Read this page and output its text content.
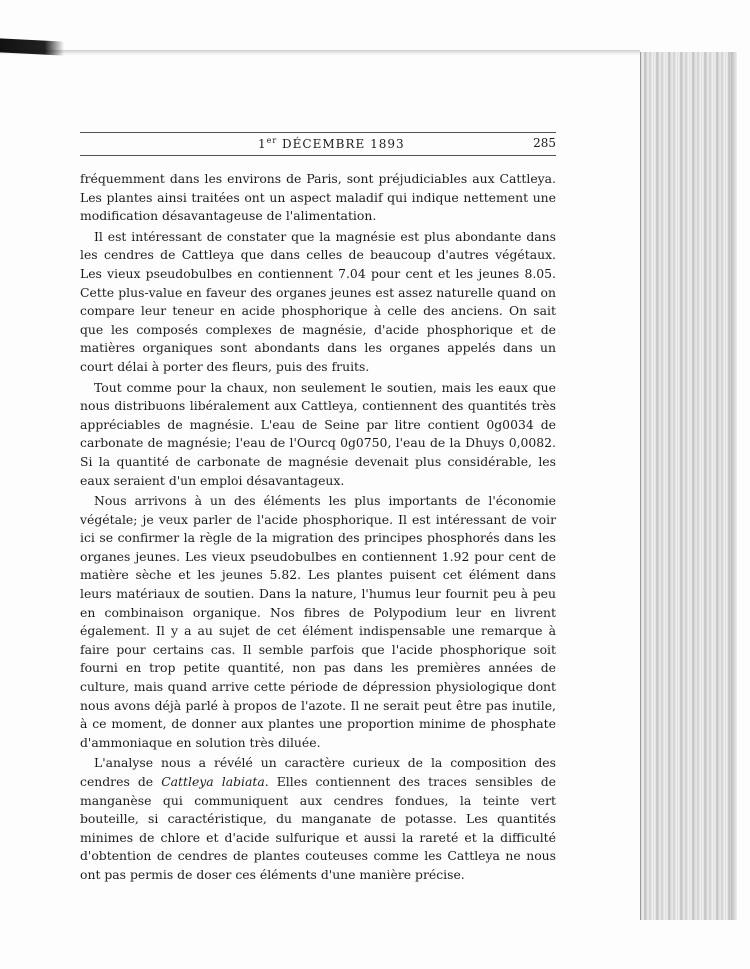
1er DÉCEMBRE 1893	285

fréquemment dans les environs de Paris, sont préjudiciables aux Cattleya. Les plantes ainsi traitées ont un aspect maladif qui indique nettement une modification désavantageuse de l'alimentation.

Il est intéressant de constater que la magnésie est plus abondante dans les cendres de Cattleya que dans celles de beaucoup d'autres végétaux. Les vieux pseudobulbes en contiennent 7.04 pour cent et les jeunes 8.05. Cette plus-value en faveur des organes jeunes est assez naturelle quand on compare leur teneur en acide phosphorique à celle des anciens. On sait que les composés complexes de magnésie, d'acide phosphorique et de matières organiques sont abondants dans les organes appelés dans un court délai à porter des fleurs, puis des fruits.

Tout comme pour la chaux, non seulement le soutien, mais les eaux que nous distribuons libéralement aux Cattleya, contiennent des quantités très appréciables de magnésie. L'eau de Seine par litre contient 0g0034 de carbonate de magnésie; l'eau de l'Ourcq 0g0750, l'eau de la Dhuys 0,0082. Si la quantité de carbonate de magnésie devenait plus considérable, les eaux seraient d'un emploi désavantageux.

Nous arrivons à un des éléments les plus importants de l'économie végétale; je veux parler de l'acide phosphorique. Il est intéressant de voir ici se confirmer la règle de la migration des principes phosphorés dans les organes jeunes. Les vieux pseudobulbes en contiennent 1.92 pour cent de matière sèche et les jeunes 5.82. Les plantes puisent cet élément dans leurs matériaux de soutien. Dans la nature, l'humus leur fournit peu à peu en combinaison organique. Nos fibres de Polypodium leur en livrent également. Il y a au sujet de cet élément indispensable une remarque à faire pour certains cas. Il semble parfois que l'acide phosphorique soit fourni en trop petite quantité, non pas dans les premières années de culture, mais quand arrive cette période de dépression physiologique dont nous avons déjà parlé à propos de l'azote. Il ne serait peut être pas inutile, à ce moment, de donner aux plantes une proportion minime de phosphate d'ammoniaque en solution très diluée.

L'analyse nous a révélé un caractère curieux de la composition des cendres de Cattleya labiata. Elles contiennent des traces sensibles de manganèse qui communiquent aux cendres fondues, la teinte vert bouteille, si caractéristique, du manganate de potasse. Les quantités minimes de chlore et d'acide sulfurique et aussi la rareté et la difficulté d'obtention de cendres de plantes couteuses comme les Cattleya ne nous ont pas permis de doser ces éléments d'une manière précise.
